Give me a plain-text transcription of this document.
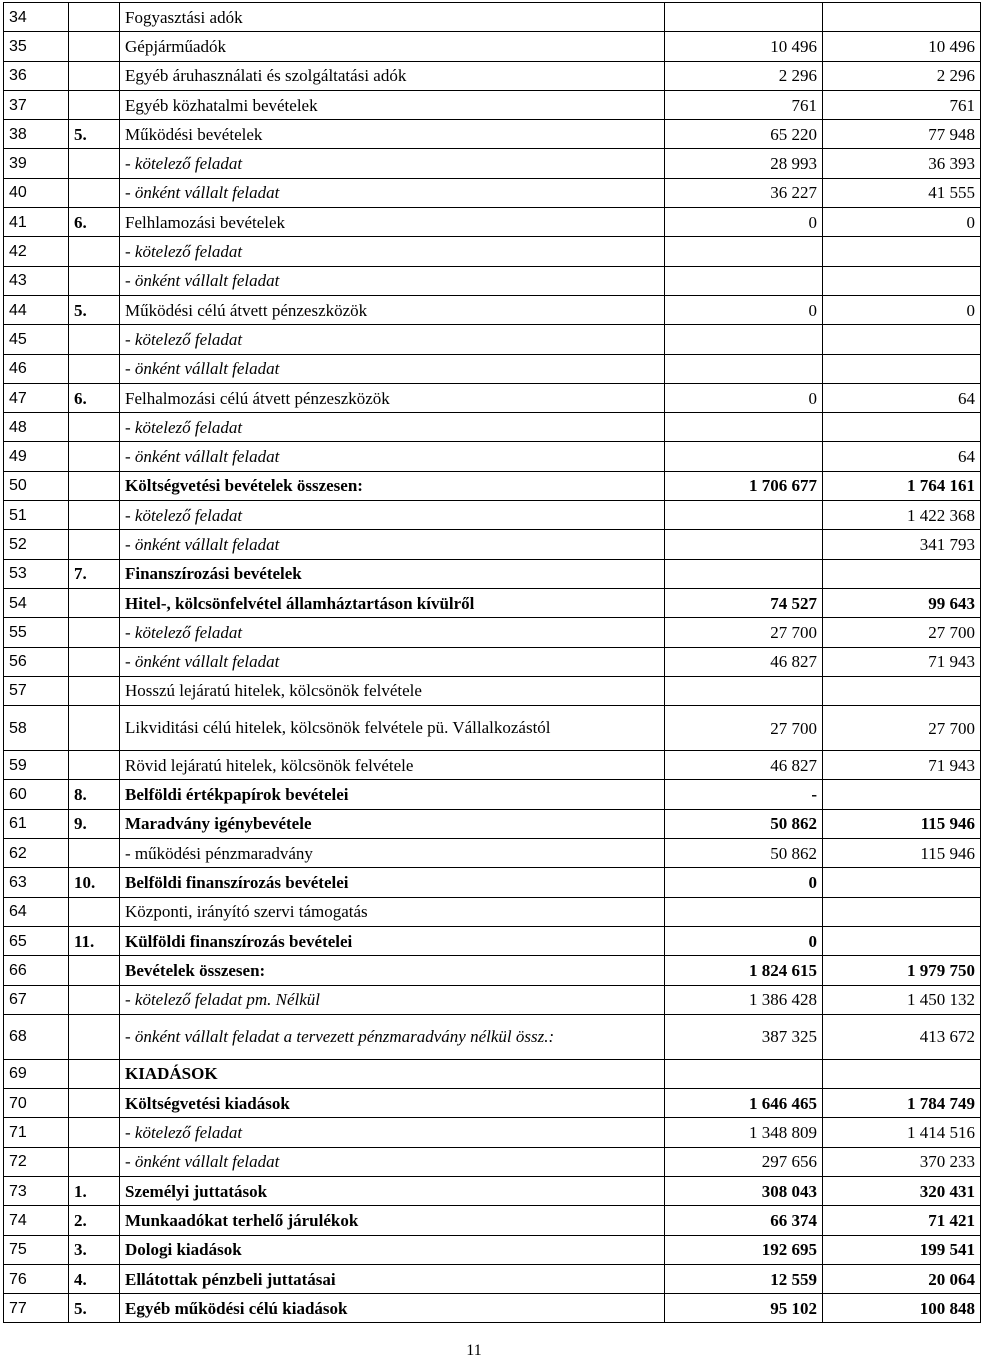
34		Fogyasztási adók		
35		Gépjárműadók	10 496	10 496
36		Egyéb áruhasználati és szolgáltatási adók	2 296	2 296
37		Egyéb közhatalmi bevételek	761	761
38	5.	Működési bevételek	65 220	77 948
39		- kötelező feladat	28 993	36 393
40		- önként vállalt feladat	36 227	41 555
41	6.	Felhlamozási bevételek	0	0
42		- kötelező feladat		
43		- önként vállalt feladat		
44	5.	Működési célú átvett pénzeszközök	0	0
45		- kötelező feladat		
46		- önként vállalt feladat		
47	6.	Felhalmozási célú átvett pénzeszközök	0	64
48		- kötelező feladat		
49		- önként vállalt feladat		64
50		Költségvetési bevételek összesen:	1 706 677	1 764 161
51		- kötelező feladat		1 422 368
52		- önként vállalt feladat		341 793
53	7.	Finanszírozási bevételek		
54		Hitel-, kölcsönfelvétel államháztartáson kívülről	74 527	99 643
55		- kötelező feladat	27 700	27 700
56		- önként vállalt feladat	46 827	71 943
57		Hosszú lejáratú hitelek, kölcsönök felvétele		
58		Likviditási célú hitelek, kölcsönök felvétele pü. Vállalkozástól	27 700	27 700
59		Rövid lejáratú hitelek, kölcsönök felvétele	46 827	71 943
60	8.	Belföldi értékpapírok bevételei	-	
61	9.	Maradvány igénybevétele	50 862	115 946
62		- működési pénzmaradvány	50 862	115 946
63	10.	Belföldi finanszírozás bevételei	0	
64		Központi, irányító szervi támogatás		
65	11.	Külföldi finanszírozás bevételei	0	
66		Bevételek összesen:	1 824 615	1 979 750
67		- kötelező feladat pm. Nélkül	1 386 428	1 450 132
68		- önként vállalt feladat a tervezett pénzmaradvány nélkül össz.:	387 325	413 672
69		KIADÁSOK		
70		Költségvetési kiadások	1 646 465	1 784 749
71		- kötelező feladat	1 348 809	1 414 516
72		- önként vállalt feladat	297 656	370 233
73	1.	Személyi juttatások	308 043	320 431
74	2.	Munkaadókat terhelő járulékok	66 374	71 421
75	3.	Dologi kiadások	192 695	199 541
76	4.	Ellátottak pénzbeli juttatásai	12 559	20 064
77	5.	Egyéb működési célú kiadások	95 102	100 848
11
